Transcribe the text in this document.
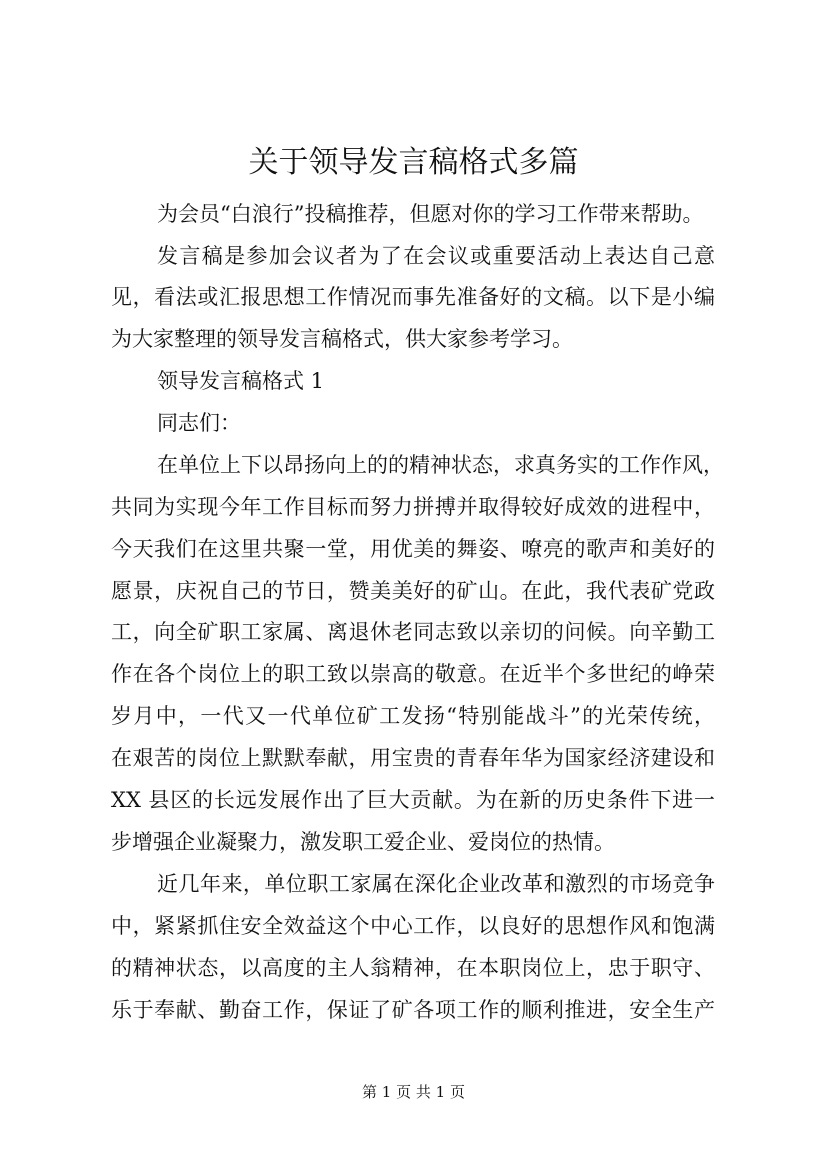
关于领导发言稿格式多篇
为会员“白浪行”投稿推荐，但愿对你的学习工作带来帮助。
发言稿是参加会议者为了在会议或重要活动上表达自己意
见，看法或汇报思想工作情况而事先准备好的文稿。以下是小编
为大家整理的领导发言稿格式，供大家参考学习。
领导发言稿格式 1
同志们：
在单位上下以昂扬向上的的精神状态，求真务实的工作作风，
共同为实现今年工作目标而努力拼搏并取得较好成效的进程中，
今天我们在这里共聚一堂，用优美的舞姿、嘹亮的歌声和美好的
愿景，庆祝自己的节日，赞美美好的矿山。在此，我代表矿党政
工，向全矿职工家属、离退休老同志致以亲切的问候。向辛勤工
作在各个岗位上的职工致以崇高的敬意。在近半个多世纪的峥荣
岁月中，一代又一代单位矿工发扬“特别能战斗”的光荣传统，
在艰苦的岗位上默默奉献，用宝贵的青春年华为国家经济建设和
XX 县区的长远发展作出了巨大贡献。为在新的历史条件下进一
步增强企业凝聚力，激发职工爱企业、爱岗位的热情。
近几年来，单位职工家属在深化企业改革和激烈的市场竞争
中，紧紧抓住安全效益这个中心工作，以良好的思想作风和饱满
的精神状态，以高度的主人翁精神，在本职岗位上，忠于职守、
乐于奉献、勤奋工作，保证了矿各项工作的顺利推进，安全生产
第 1 页 共 1 页
